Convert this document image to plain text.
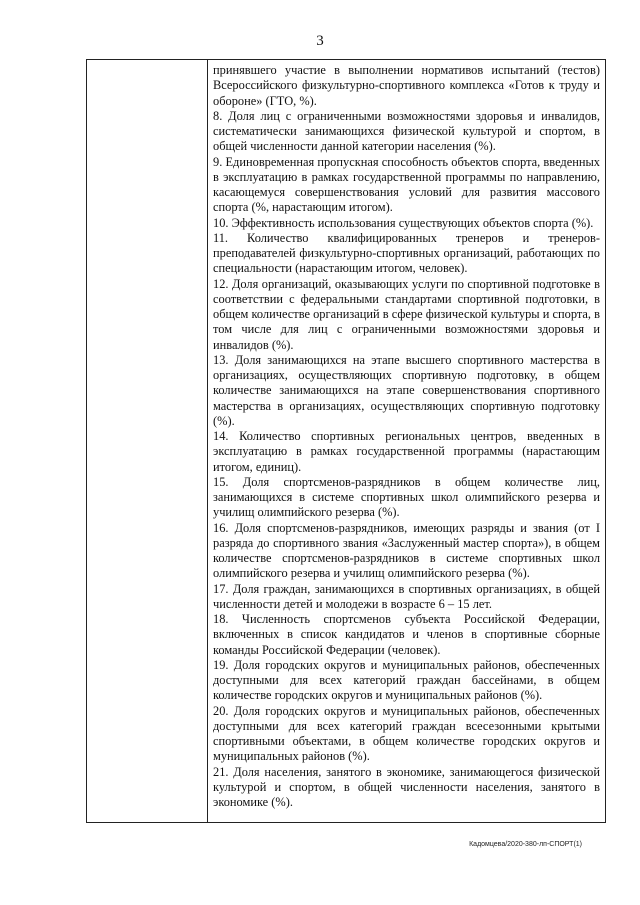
3

принявшего участие в выполнении нормативов испытаний (тестов) Всероссийского физкультурно-спортивного комплекса «Готов к труду и обороне» (ГТО, %).

8. Доля лиц с ограниченными возможностями здоровья и инвалидов, систематически занимающихся физической культурой и спортом, в общей численности данной категории населения (%).

9. Единовременная пропускная способность объектов спорта, введенных в эксплуатацию в рамках государственной программы по направлению, касающемуся совершенствования условий для развития массового спорта (%, нарастающим итогом).

10. Эффективность использования существующих объектов спорта (%).

11. Количество квалифицированных тренеров и тренеров-преподавателей физкультурно-спортивных организаций, работающих по специальности (нарастающим итогом, человек).

12. Доля организаций, оказывающих услуги по спортивной подготовке в соответствии с федеральными стандартами спортивной подготовки, в общем количестве организаций в сфере физической культуры и спорта, в том числе для лиц с ограниченными возможностями здоровья и инвалидов (%).

13. Доля занимающихся на этапе высшего спортивного мастерства в организациях, осуществляющих спортивную подготовку, в общем количестве занимающихся на этапе совершенствования спортивного мастерства в организациях, осуществляющих спортивную подготовку (%).

14. Количество спортивных региональных центров, введенных в эксплуатацию в рамках государственной программы (нарастающим итогом, единиц).

15. Доля спортсменов-разрядников в общем количестве лиц, занимающихся в системе спортивных школ олимпийского резерва и училищ олимпийского резерва (%).

16. Доля спортсменов-разрядников, имеющих разряды и звания (от I разряда до спортивного звания «Заслуженный мастер спорта»), в общем количестве спортсменов-разрядников в системе спортивных школ олимпийского резерва и училищ олимпийского резерва (%).

17. Доля граждан, занимающихся в спортивных организациях, в общей численности детей и молодежи в возрасте 6 – 15 лет.

18. Численность спортсменов субъекта Российской Федерации, включенных в список кандидатов и членов в спортивные сборные команды Российской Федерации (человек).

19. Доля городских округов и муниципальных районов, обеспеченных доступными для всех категорий граждан бассейнами, в общем количестве городских округов и муниципальных районов (%).

20. Доля городских округов и муниципальных районов, обеспеченных доступными для всех категорий граждан всесезонными крытыми спортивными объектами, в общем количестве городских округов и муниципальных районов (%).

21. Доля населения, занятого в экономике, занимающегося физической культурой и спортом, в общей численности населения, занятого в экономике (%).

Кадомцева/2020-380-лп-СПОРТ(1)
